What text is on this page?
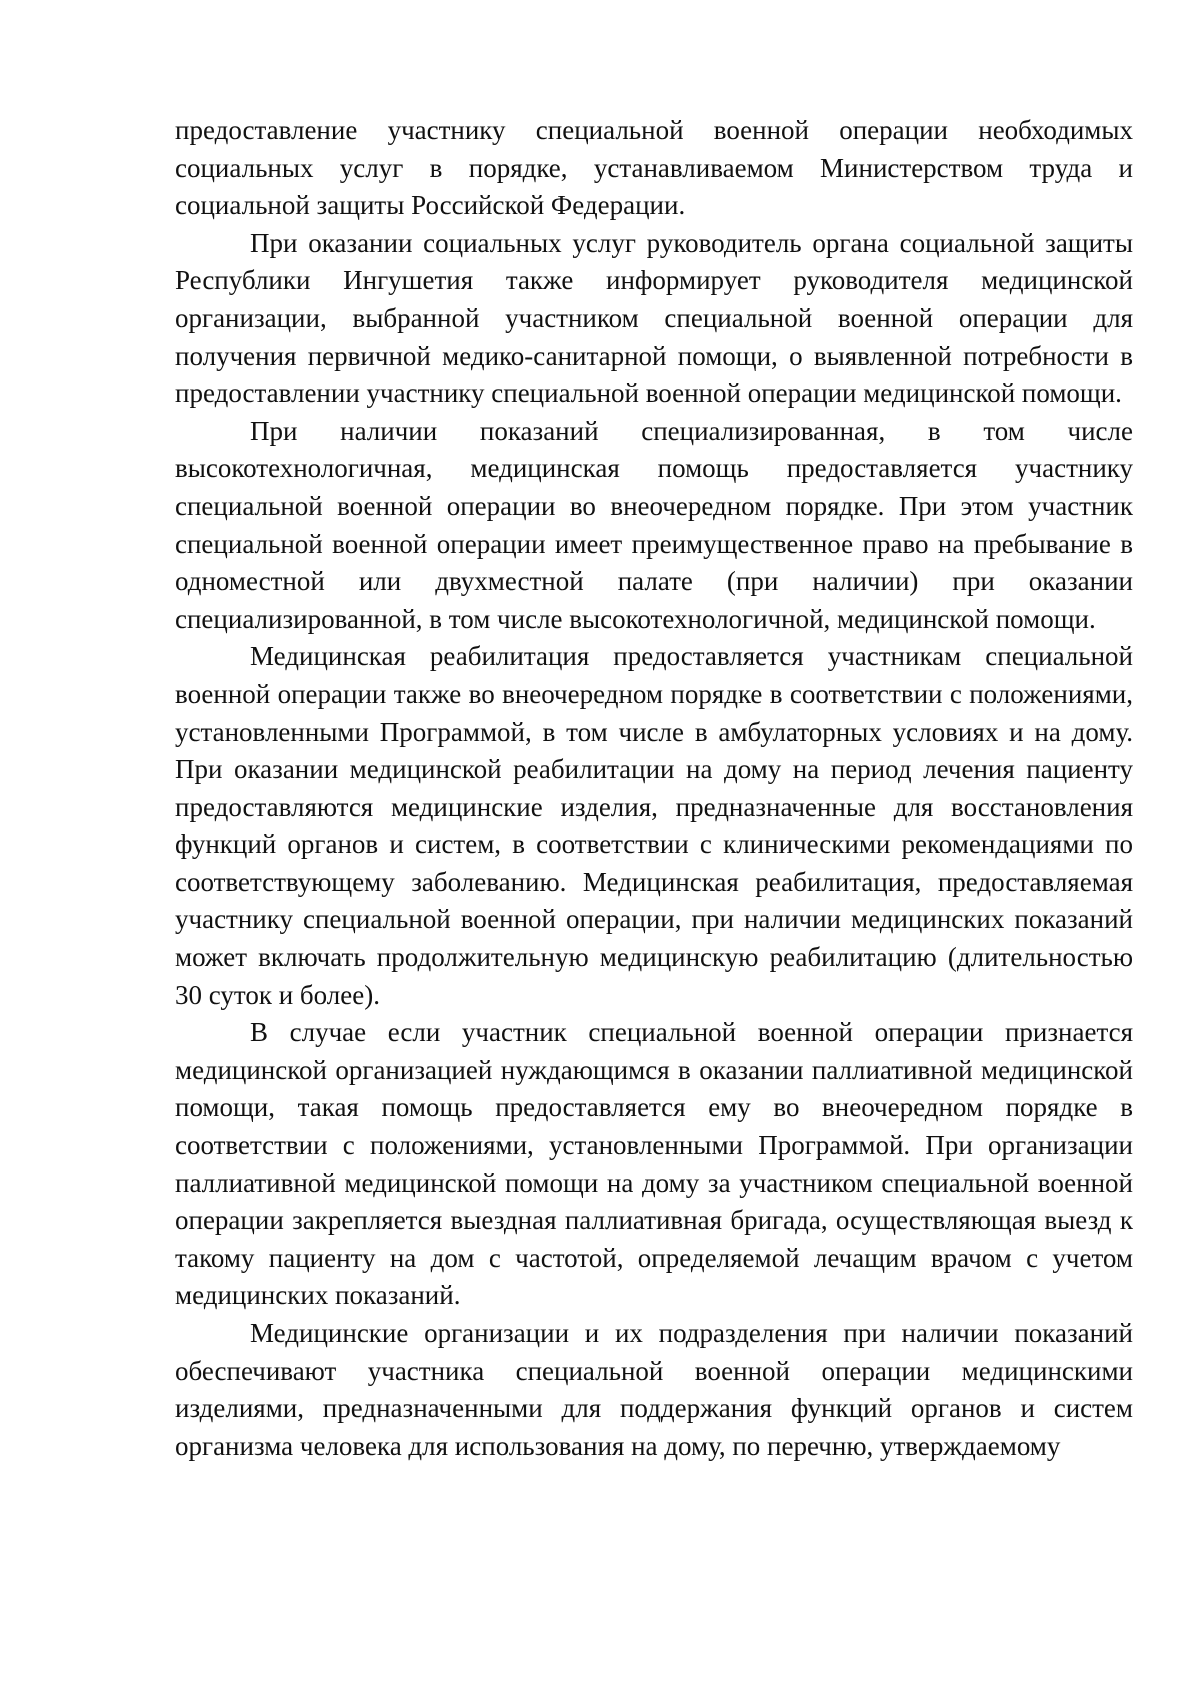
предоставление участнику специальной военной операции необходимых социальных услуг в порядке, устанавливаемом Министерством труда и социальной защиты Российской Федерации.

При оказании социальных услуг руководитель органа социальной защиты Республики Ингушетия также информирует руководителя медицинской организации, выбранной участником специальной военной операции для получения первичной медико-санитарной помощи, о выявленной потребности в предоставлении участнику специальной военной операции медицинской помощи.

При наличии показаний специализированная, в том числе высокотехнологичная, медицинская помощь предоставляется участнику специальной военной операции во внеочередном порядке. При этом участник специальной военной операции имеет преимущественное право на пребывание в одноместной или двухместной палате (при наличии) при оказании специализированной, в том числе высокотехнологичной, медицинской помощи.

Медицинская реабилитация предоставляется участникам специальной военной операции также во внеочередном порядке в соответствии с положениями, установленными Программой, в том числе в амбулаторных условиях и на дому. При оказании медицинской реабилитации на дому на период лечения пациенту предоставляются медицинские изделия, предназначенные для восстановления функций органов и систем, в соответствии с клиническими рекомендациями по соответствующему заболеванию. Медицинская реабилитация, предоставляемая участнику специальной военной операции, при наличии медицинских показаний может включать продолжительную медицинскую реабилитацию (длительностью 30 суток и более).

В случае если участник специальной военной операции признается медицинской организацией нуждающимся в оказании паллиативной медицинской помощи, такая помощь предоставляется ему во внеочередном порядке в соответствии с положениями, установленными Программой. При организации паллиативной медицинской помощи на дому за участником специальной военной операции закрепляется выездная паллиативная бригада, осуществляющая выезд к такому пациенту на дом с частотой, определяемой лечащим врачом с учетом медицинских показаний.

Медицинские организации и их подразделения при наличии показаний обеспечивают участника специальной военной операции медицинскими изделиями, предназначенными для поддержания функций органов и систем организма человека для использования на дому, по перечню, утверждаемому
